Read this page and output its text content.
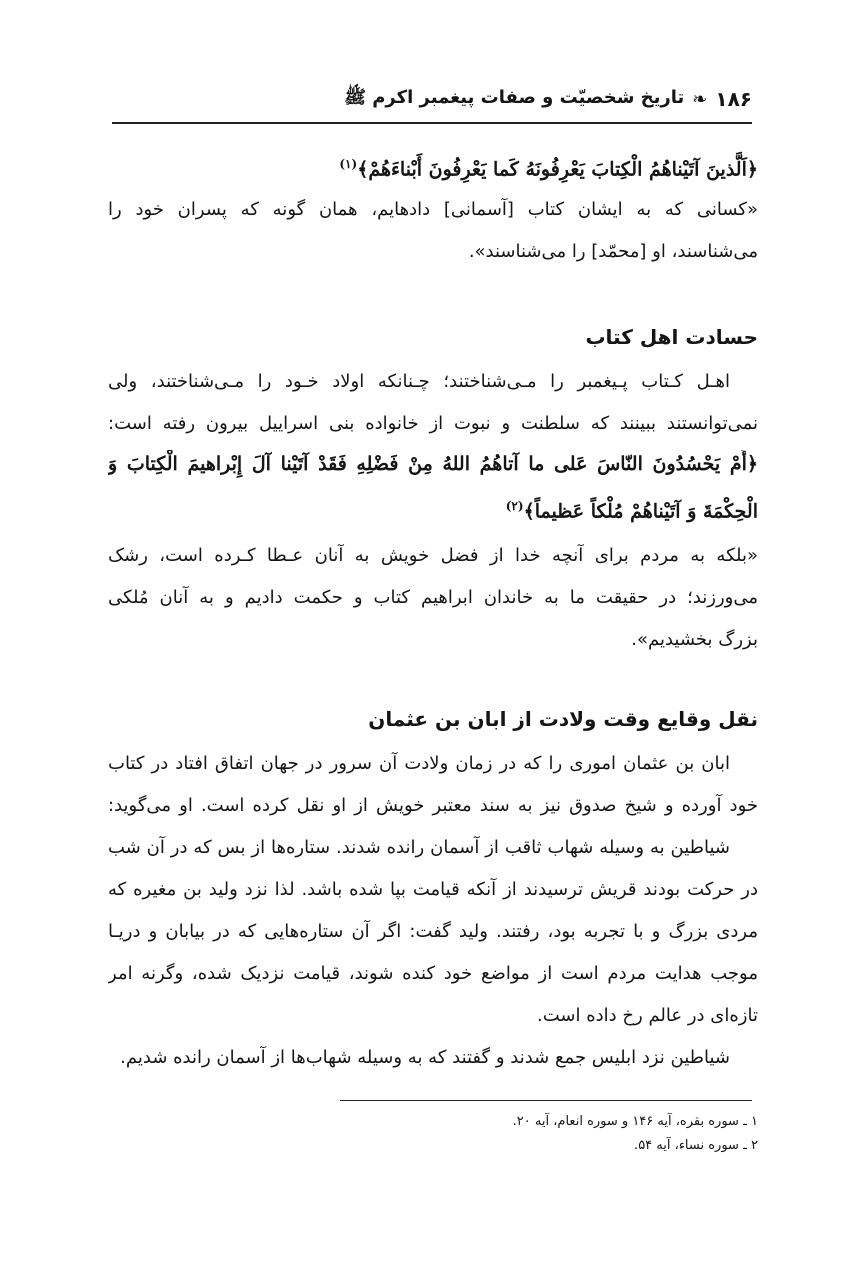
۱۸۶
❧
تاریخ شخصیّت و صفات پیغمبر اکرم ﷺ
﴿اَلَّذينَ آتَيْناهُمُ الْكِتابَ يَعْرِفُونَهُ كَما يَعْرِفُونَ أَبْناءَهُمْ﴾$^{(۱)}$
«کسانی که به ایشان کتاب [آسمانی] دادهایم، همان گونه که پسران خود را
می‌شناسند، او [محمّد] را می‌شناسند».
حسادت اهل کتاب
اهـل کـتاب پـیغمبر را مـی‌شناختند؛ چـنانکه اولاد خـود را مـی‌شناختند، ولی
نمی‌توانستند ببینند که سلطنت و نبوت از خانواده بنی اسراییل بیرون رفته است:
﴿أَمْ يَحْسُدُونَ النّاسَ عَلى ما آتاهُمُ اللهُ مِنْ فَضْلِهِ فَقَدْ آتَيْنا آلَ إِبْراهيمَ الْكِتابَ وَ
الْحِكْمَةَ وَ آتَيْناهُمْ مُلْكاً عَظيماً﴾$^{(۲)}$
«بلکه به مردم برای آنچه خدا از فضل خویش به آنان عـطا کـرده است، رشک
می‌ورزند؛ در حقیقت ما به خاندان ابراهیم کتاب و حکمت دادیم و به آنان مُلکی
بزرگ بخشیدیم».
نقل وقایع وقت ولادت از ابان بن عثمان
ابان بن عثمان اموری را که در زمان ولادت آن سرور در جهان اتفاق افتاد در کتاب
خود آورده و شیخ صدوق نیز به سند معتبر خویش از او نقل کرده است. او می‌گوید:
شیاطین به وسیله شهاب ثاقب از آسمان رانده شدند. ستاره‌ها از بس که در آن شب
در حرکت بودند قریش ترسیدند از آنکه قیامت بپا شده باشد. لذا نزد ولید بن مغیره که
مردی بزرگ و با تجربه بود، رفتند. ولید گفت: اگر آن ستاره‌هایی که در بیابان و دریـا
موجب هدایت مردم است از مواضع خود کنده شوند، قیامت نزدیک شده، وگرنه امر
تازه‌ای در عالم رخ داده است.
شیاطین نزد ابلیس جمع شدند و گفتند که به وسیله شهاب‌ها از آسمان رانده شدیم.
۱ ـ سوره بقره، آیه ۱۴۶ و سوره انعام، آیه ۲۰.
۲ ـ سوره نساء، آیه ۵۴.
